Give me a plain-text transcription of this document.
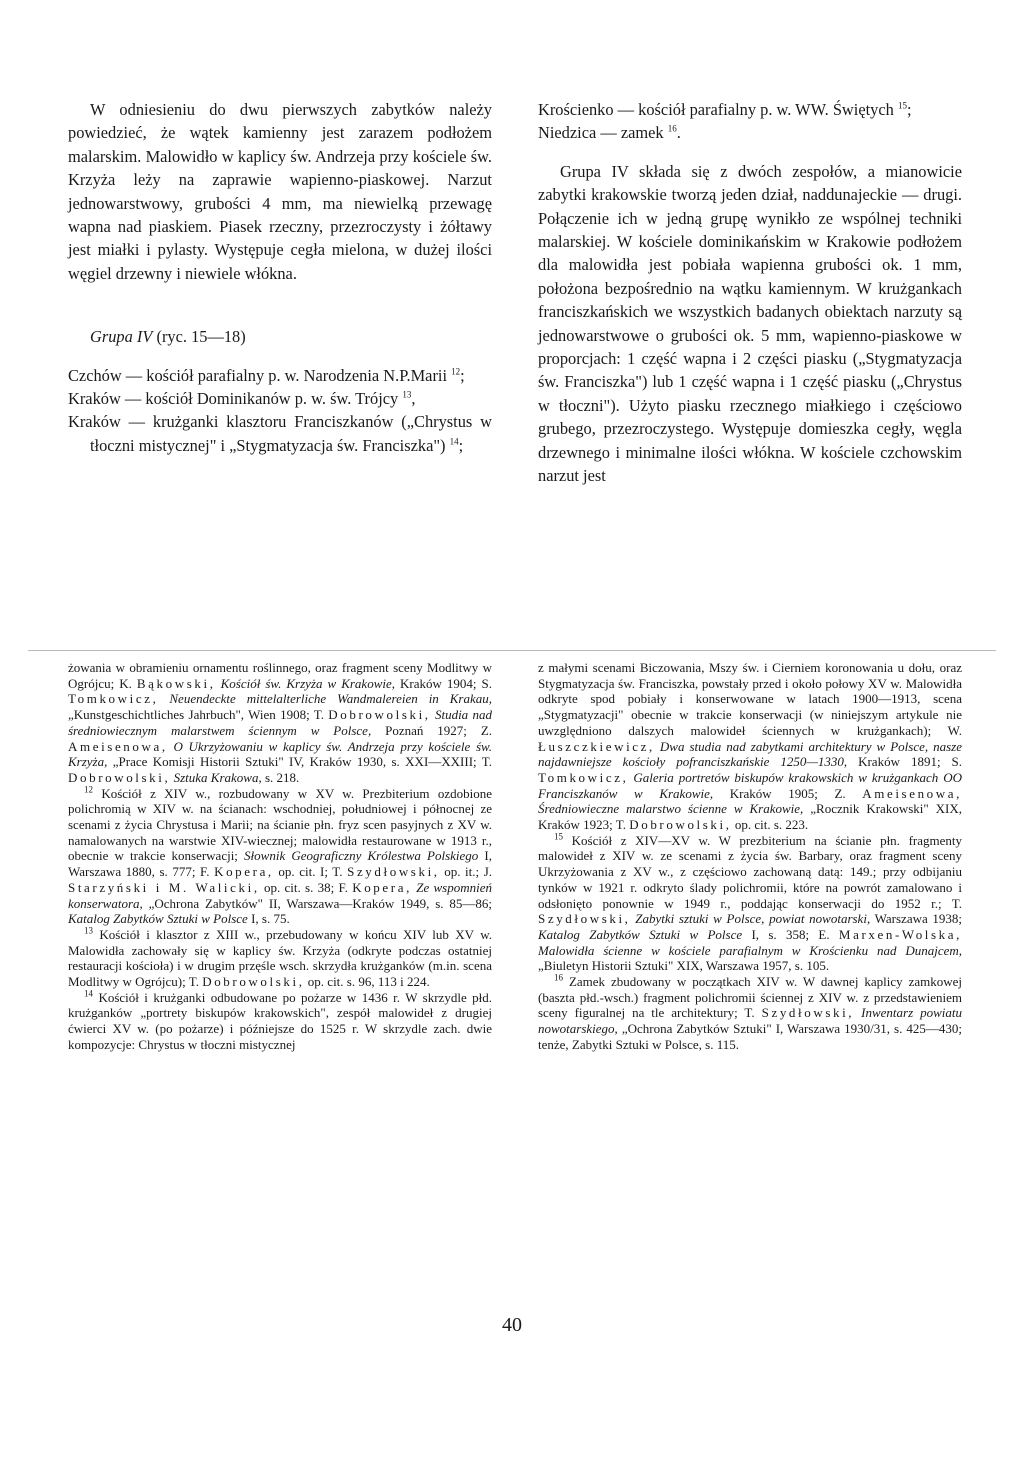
W odniesieniu do dwu pierwszych zabytków należy powiedzieć, że wątek kamienny jest zarazem podłożem malarskim. Malowidło w kaplicy św. Andrzeja przy kościele św. Krzyża leży na zaprawie wapienno-piaskowej. Narzut jednowarstwowy, grubości 4 mm, ma niewielką przewagę wapna nad piaskiem. Piasek rzeczny, przezroczysty i żółtawy jest miałki i pylasty. Występuje cegła mielona, w dużej ilości węgiel drzewny i niewiele włókna.

Grupa IV (ryc. 15—18)

Czchów — kościół parafialny p. w. Narodzenia N.P.Marii $^{12}$;

Kraków — kościół Dominikanów p. w. św. Trójcy $^{13}$,

Kraków — krużganki klasztoru Franciszkanów („Chrystus w tłoczni mistycznej" i „Stygmatyzacja św. Franciszka") $^{14}$;

Krościenko — kościół parafialny p. w. WW. Świętych $^{15}$;

Niedzica — zamek $^{16}$.

Grupa IV składa się z dwóch zespołów, a mianowicie zabytki krakowskie tworzą jeden dział, naddunajeckie — drugi. Połączenie ich w jedną grupę wynikło ze wspólnej techniki malarskiej. W kościele dominikańskim w Krakowie podłożem dla malowidła jest pobiała wapienna grubości ok. 1 mm, położona bezpośrednio na wątku kamiennym. W krużgankach franciszkańskich we wszystkich badanych obiektach narzuty są jednowarstwowe o grubości ok. 5 mm, wapienno-piaskowe w proporcjach: 1 część wapna i 2 części piasku („Stygmatyzacja św. Franciszka") lub 1 część wapna i 1 część piasku („Chrystus w tłoczni"). Użyto piasku rzecznego miałkiego i częściowo grubego, przezroczystego. Występuje domieszka cegły, węgla drzewnego i minimalne ilości włókna. W kościele czchowskim narzut jest

żowania w obramieniu ornamentu roślinnego, oraz fragment sceny Modlitwy w Ogrójcu; K. Bąkowski, Kościół św. Krzyża w Krakowie, Kraków 1904; S. Tomkowicz, Neuendeckte mittelalterliche Wandmalereien in Krakau, „Kunstgeschichtliches Jahrbuch", Wien 1908; T. Dobrowolski, Studia nad średniowiecznym malarstwem ściennym w Polsce, Poznań 1927; Z. Ameisenowa, O Ukrzyżowaniu w kaplicy św. Andrzeja przy kościele św. Krzyża, „Prace Komisji Historii Sztuki" IV, Kraków 1930, s. XXI—XXIII; T. Dobrowolski, Sztuka Krakowa, s. 218.

$^{12}$ Kościół z XIV w., rozbudowany w XV w. Prezbiterium ozdobione polichromią w XIV w. na ścianach: wschodniej, południowej i północnej ze scenami z życia Chrystusa i Marii; na ścianie płn. fryz scen pasyjnych z XV w. namalowanych na warstwie XIV-wiecznej; malowidła restaurowane w 1913 r., obecnie w trakcie konserwacji; Słownik Geograficzny Królestwa Polskiego I, Warszawa 1880, s. 777; F. Kopera, op. cit. I; T. Szydłowski, op. it.; J. Starzyński i M. Walicki, op. cit. s. 38; F. Kopera, Ze wspomnień konserwatora, „Ochrona Zabytków" II, Warszawa—Kraków 1949, s. 85—86; Katalog Zabytków Sztuki w Polsce I, s. 75.

$^{13}$ Kościół i klasztor z XIII w., przebudowany w końcu XIV lub XV w. Malowidła zachowały się w kaplicy św. Krzyża (odkryte podczas ostatniej restauracji kościoła) i w drugim przęśle wsch. skrzydła krużganków (m.in. scena Modlitwy w Ogrójcu); T. Dobrowolski, op. cit. s. 96, 113 i 224.

$^{14}$ Kościół i krużganki odbudowane po pożarze w 1436 r. W skrzydle płd. krużganków „portrety biskupów krakowskich", zespół malowideł z drugiej ćwierci XV w. (po pożarze) i późniejsze do 1525 r. W skrzydle zach. dwie kompozycje: Chrystus w tłoczni mistycznej

z małymi scenami Biczowania, Mszy św. i Cierniem koronowania u dołu, oraz Stygmatyzacja św. Franciszka, powstały przed i około połowy XV w. Malowidła odkryte spod pobiały i konserwowane w latach 1900—1913, scena „Stygmatyzacji" obecnie w trakcie konserwacji (w niniejszym artykule nie uwzględniono dalszych malowideł ściennych w krużgankach); W. Łuszczkiewicz, Dwa studia nad zabytkami architektury w Polsce, nasze najdawniejsze kościoły pofranciszkańskie 1250—1330, Kraków 1891; S. Tomkowicz, Galeria portretów biskupów krakowskich w krużgankach OO Franciszkanów w Krakowie, Kraków 1905; Z. Ameisenowa, Średniowieczne malarstwo ścienne w Krakowie, „Rocznik Krakowski" XIX, Kraków 1923; T. Dobrowolski, op. cit. s. 223.

$^{15}$ Kościół z XIV—XV w. W prezbiterium na ścianie płn. fragmenty malowideł z XIV w. ze scenami z życia św. Barbary, oraz fragment sceny Ukrzyżowania z XV w., z częściowo zachowaną datą: 149.; przy odbijaniu tynków w 1921 r. odkryto ślady polichromii, które na powrót zamalowano i odsłonięto ponownie w 1949 r., poddając konserwacji do 1952 r.; T. Szydłowski, Zabytki sztuki w Polsce, powiat nowotarski, Warszawa 1938; Katalog Zabytków Sztuki w Polsce I, s. 358; E. Marxen-Wolska, Malowidła ścienne w kościele parafialnym w Krościenku nad Dunajcem, „Biuletyn Historii Sztuki" XIX, Warszawa 1957, s. 105.

$^{16}$ Zamek zbudowany w początkach XIV w. W dawnej kaplicy zamkowej (baszta płd.-wsch.) fragment polichromii ściennej z XIV w. z przedstawieniem sceny figuralnej na tle architektury; T. Szydłowski, Inwentarz powiatu nowotarskiego, „Ochrona Zabytków Sztuki" I, Warszawa 1930/31, s. 425—430; tenże, Zabytki Sztuki w Polsce, s. 115.

40
